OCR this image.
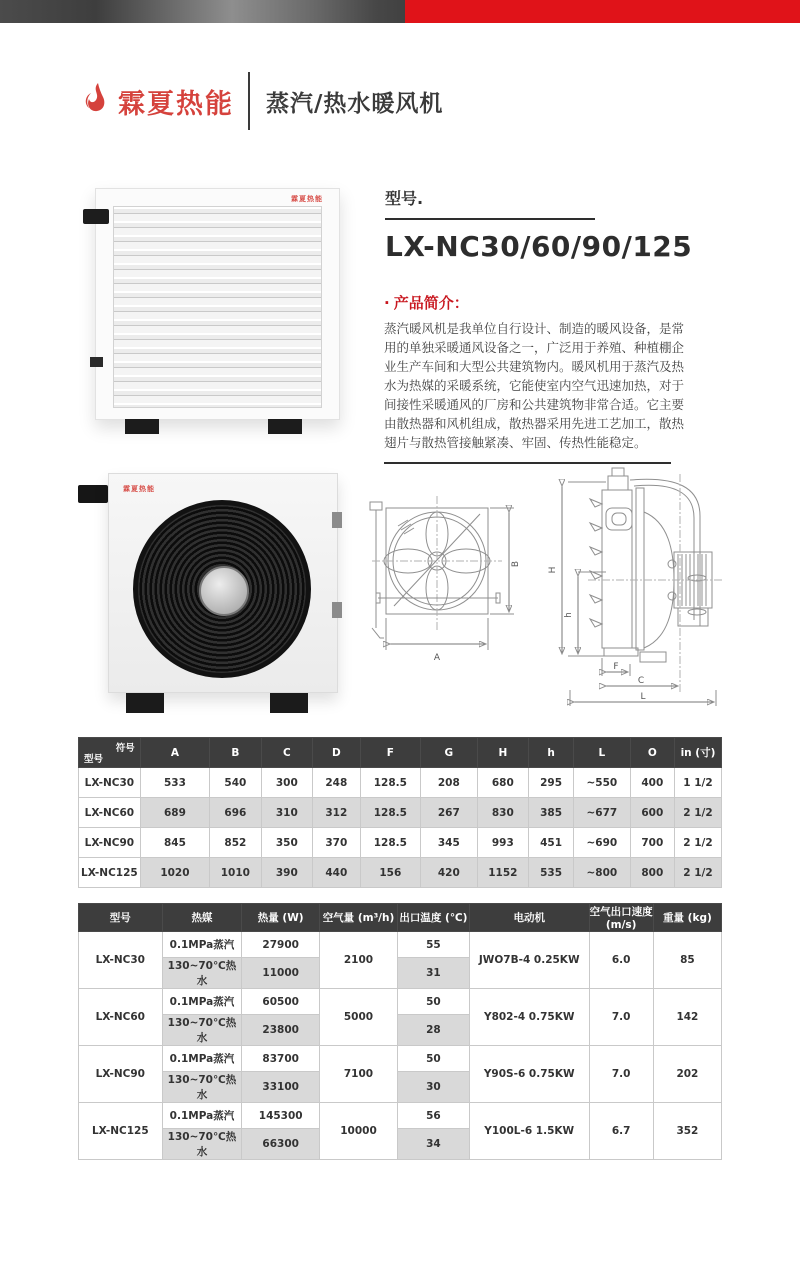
霖夏热能 蒸汽/热水暖风机
霖夏热能	型号.
LX-NC30/60/90/125
· 产品简介：

蒸汽暖风机是我单位自行设计、制造的暖风设备，是常用的单独采暖通风设备之一，广泛用于养殖、种植棚企业生产车间和大型公共建筑物内。暖风机用于蒸汽及热水为热媒的采暖系统，它能使室内空气迅速加热，对于间接性采暖通风的厂房和公共建筑物非常合适。它主要由散热器和风机组成，散热器采用先进工艺加工，散热翅片与散热管接触紧凑、牢固、传热性能稳定。

霖夏热能
B
A
H
h
F
C
L
符号
型号	A	B	C	D	F	G	H	h	L	O	in (寸)
LX-NC30	533	540	300	248	128.5	208	680	295	~550	400	1 1/2
LX-NC60	689	696	310	312	128.5	267	830	385	~677	600	2 1/2
LX-NC90	845	852	350	370	128.5	345	993	451	~690	700	2 1/2
LX-NC125	1020	1010	390	440	156	420	1152	535	~800	800	2 1/2
型号	热媒	热量 (W)	空气量 (m³/h)	出口温度 (℃)	电动机	空气出口速度 (m/s)	重量 (kg)
LX-NC30	0.1MPa蒸汽	27900	2100	55	JWO7B-4 0.25KW	6.0	85
	130~70℃热水	11000		31			
LX-NC60	0.1MPa蒸汽	60500	5000	50	Y802-4 0.75KW	7.0	142
	130~70℃热水	23800		28			
LX-NC90	0.1MPa蒸汽	83700	7100	50	Y90S-6 0.75KW	7.0	202
	130~70℃热水	33100		30			
LX-NC125	0.1MPa蒸汽	145300	10000	56	Y100L-6 1.5KW	6.7	352
	130~70℃热水	66300		34			
